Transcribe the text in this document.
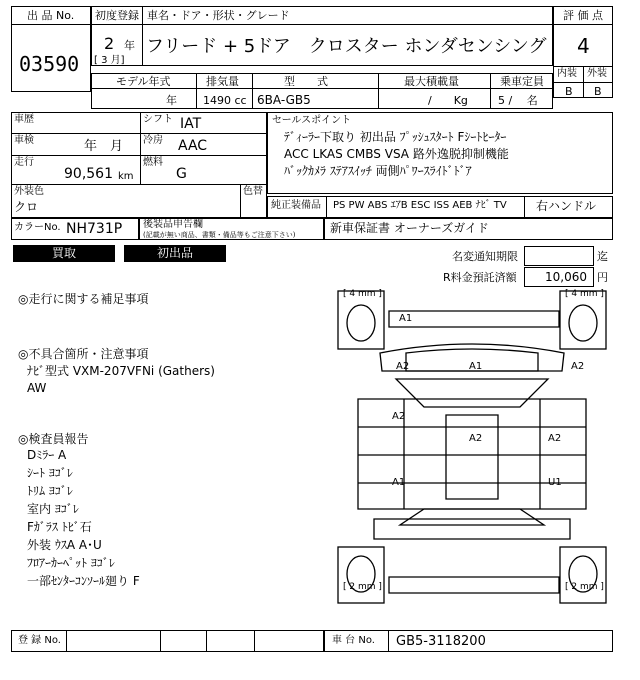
出 品 No.
03590
初度登録 車名・ドア・形状・グレード
2 年
[ 3 月]
フリード + 5ドア　クロスター ホンダセンシング
評 価 点
4
内装 外装
B B
モデル年式	排気量	型　　式	最大積載量	乗車定員
年 1490 cc 6BA-GB5	/　　Kg	5 /　 名
車歴	シフト IAT
車検	年　月 冷房 AAC
走行
90,561 km
燃料
G
外装色
クロ
色替
カラーNo. NH731P 後装品申告欄
(記載が無い商品、書類・備品等もご注意下さい)
セールスポイント
ﾃﾞｨｰﾗｰ下取り 初出品 ﾌﾟｯｼｭｽﾀｰﾄ Fｼｰﾄﾋｰﾀｰ
ACC LKAS CMBS VSA 路外逸脱抑制機能
ﾊﾞｯｸｶﾒﾗ ｽﾃｱｽｲｯﾁ 両側ﾊﾟﾜｰｽﾗｲﾄﾞﾄﾞｱ
純正装備品 PS PW ABS ｴｱB ESC ISS AEB ﾅﾋﾞ TV 右ハンドル
新車保証書 オーナーズガイド
買取	初出品	名変通知期限	迄
R料金預託済額 10,060 円
◎走行に関する補足事項
◎不具合箇所・注意事項
ﾅﾋﾞ型式 VXM-207VFNi (Gathers)
AW
◎検査員報告
Dﾐﾗｰ A
ｼｰﾄ ﾖｺﾞﾚ
ﾄﾘﾑ ﾖｺﾞﾚ
室内 ﾖｺﾞﾚ
Fｶﾞﾗｽ ﾄﾋﾞ石
外装 ｳｽA A･U
ﾌﾛｱｰｶｰﾍﾟｯﾄ ﾖｺﾞﾚ
一部ｾﾝﾀｰｺﾝｿｰﾙ廻り F
[ 4 mm ]	[ 4 mm ]
[ 2 mm ]	[ 2 mm ]
A1
A2	A1	A2
A2
A2	A2
A1	U1
登 録 No.	車 台 No. GB5-3118200
